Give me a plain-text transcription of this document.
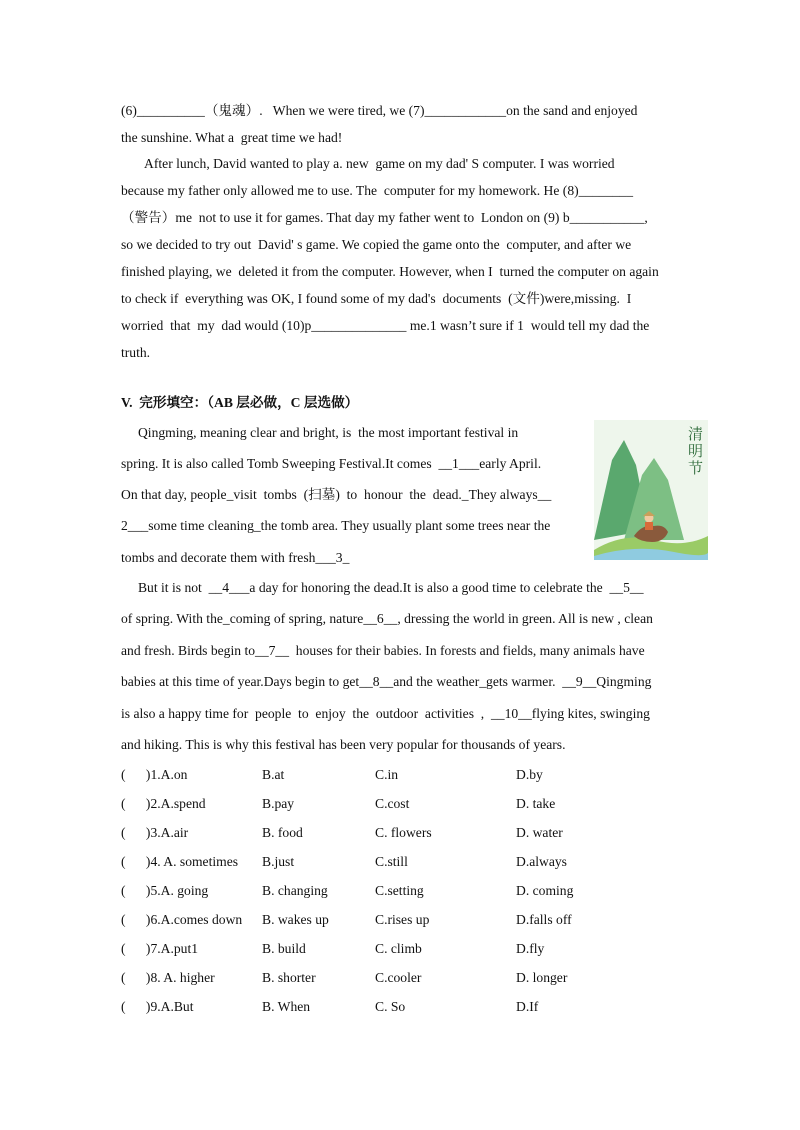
(6)__________（鬼魂）.   When we were tired, we (7)____________on the sand and enjoyed
the sunshine. What a  great time we had!
After lunch, David wanted to play a. new  game on my dad' S computer. I was worried
because my father only allowed me to use. The  computer for my homework. He (8)________
（警告）me  not to use it for games. That day my father went to  London on (9) b___________,
so we decided to try out  David' s game. We copied the game onto the  computer, and after we
finished playing, we  deleted it from the computer. However, when I  turned the computer on again
to check if  everything was OK, I found some of my dad's  documents  (文件)were,missing.  I
worried  that  my  dad would (10)p______________ me.1 wasn’t sure if 1  would tell my dad the
truth.
V.  完形填空：（AB 层必做，C 层选做）
Qingming, meaning clear and bright, is  the most important festival in
spring. It is also called Tomb Sweeping Festival.It comes  __1___early April.
On that day, people_visit  tombs  (扫墓)  to  honour  the  dead._They always__
2___some time cleaning_the tomb area. They usually plant some trees near the
tombs and decorate them with fresh___3_
But it is not  __4___a day for honoring the dead.It is also a good time to celebrate the  __5__
of spring. With the_coming of spring, nature__6__, dressing the world in green. All is new , clean
and fresh. Birds begin to__7__  houses for their babies. In forests and fields, many animals have
babies at this time of year.Days begin to get__8__and the weather_gets warmer.  __9__Qingming
is also a happy time for  people  to  enjoy  the  outdoor  activities  ,  __10__flying kites, swinging
and hiking. This is why this festival has been very popular for thousands of years.
清明节
(      )1.A.on	B.at	C.in	D.by
(      )2.A.spend	B.pay	C.cost	D. take
(      )3.A.air	B. food	C. flowers	D. water
(      )4. A. sometimes B.just	C.still	D.always
(      )5.A. going	B. changing	C.setting	D. coming
(      )6.A.comes down B. wakes up	C.rises up	D.falls off
(      )7.A.put1	B. build	C. climb	D.fly
(      )8. A. higher	B. shorter	C.cooler	D. longer
(      )9.A.But	B. When	C. So	D.If
